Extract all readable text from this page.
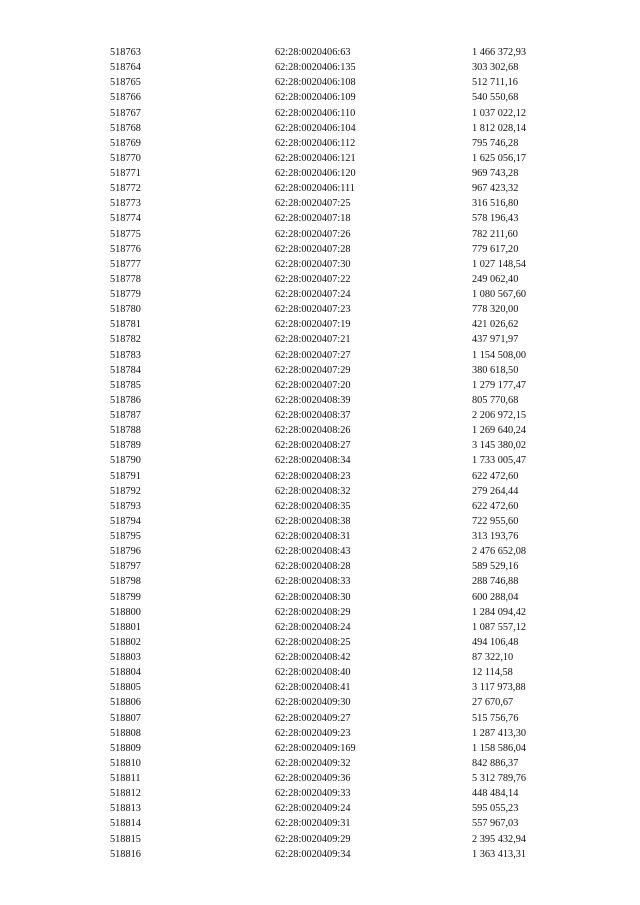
518763	62:28:0020406:63	1 466 372,93
518764	62:28:0020406:135	303 302,68
518765	62:28:0020406:108	512 711,16
518766	62:28:0020406:109	540 550,68
518767	62:28:0020406:110	1 037 022,12
518768	62:28:0020406:104	1 812 028,14
518769	62:28:0020406:112	795 746,28
518770	62:28:0020406:121	1 625 056,17
518771	62:28:0020406:120	969 743,28
518772	62:28:0020406:111	967 423,32
518773	62:28:0020407:25	316 516,80
518774	62:28:0020407:18	578 196,43
518775	62:28:0020407:26	782 211,60
518776	62:28:0020407:28	779 617,20
518777	62:28:0020407:30	1 027 148,54
518778	62:28:0020407:22	249 062,40
518779	62:28:0020407:24	1 080 567,60
518780	62:28:0020407:23	778 320,00
518781	62:28:0020407:19	421 026,62
518782	62:28:0020407:21	437 971,97
518783	62:28:0020407:27	1 154 508,00
518784	62:28:0020407:29	380 618,50
518785	62:28:0020407:20	1 279 177,47
518786	62:28:0020408:39	805 770,68
518787	62:28:0020408:37	2 206 972,15
518788	62:28:0020408:26	1 269 640,24
518789	62:28:0020408:27	3 145 380,02
518790	62:28:0020408:34	1 733 005,47
518791	62:28:0020408:23	622 472,60
518792	62:28:0020408:32	279 264,44
518793	62:28:0020408:35	622 472,60
518794	62:28:0020408:38	722 955,60
518795	62:28:0020408:31	313 193,76
518796	62:28:0020408:43	2 476 652,08
518797	62:28:0020408:28	589 529,16
518798	62:28:0020408:33	288 746,88
518799	62:28:0020408:30	600 288,04
518800	62:28:0020408:29	1 284 094,42
518801	62:28:0020408:24	1 087 557,12
518802	62:28:0020408:25	494 106,48
518803	62:28:0020408:42	87 322,10
518804	62:28:0020408:40	12 114,58
518805	62:28:0020408:41	3 117 973,88
518806	62:28:0020409:30	27 670,67
518807	62:28:0020409:27	515 756,76
518808	62:28:0020409:23	1 287 413,30
518809	62:28:0020409:169	1 158 586,04
518810	62:28:0020409:32	842 886,37
518811	62:28:0020409:36	5 312 789,76
518812	62:28:0020409:33	448 484,14
518813	62:28:0020409:24	595 055,23
518814	62:28:0020409:31	557 967,03
518815	62:28:0020409:29	2 395 432,94
518816	62:28:0020409:34	1 363 413,31
